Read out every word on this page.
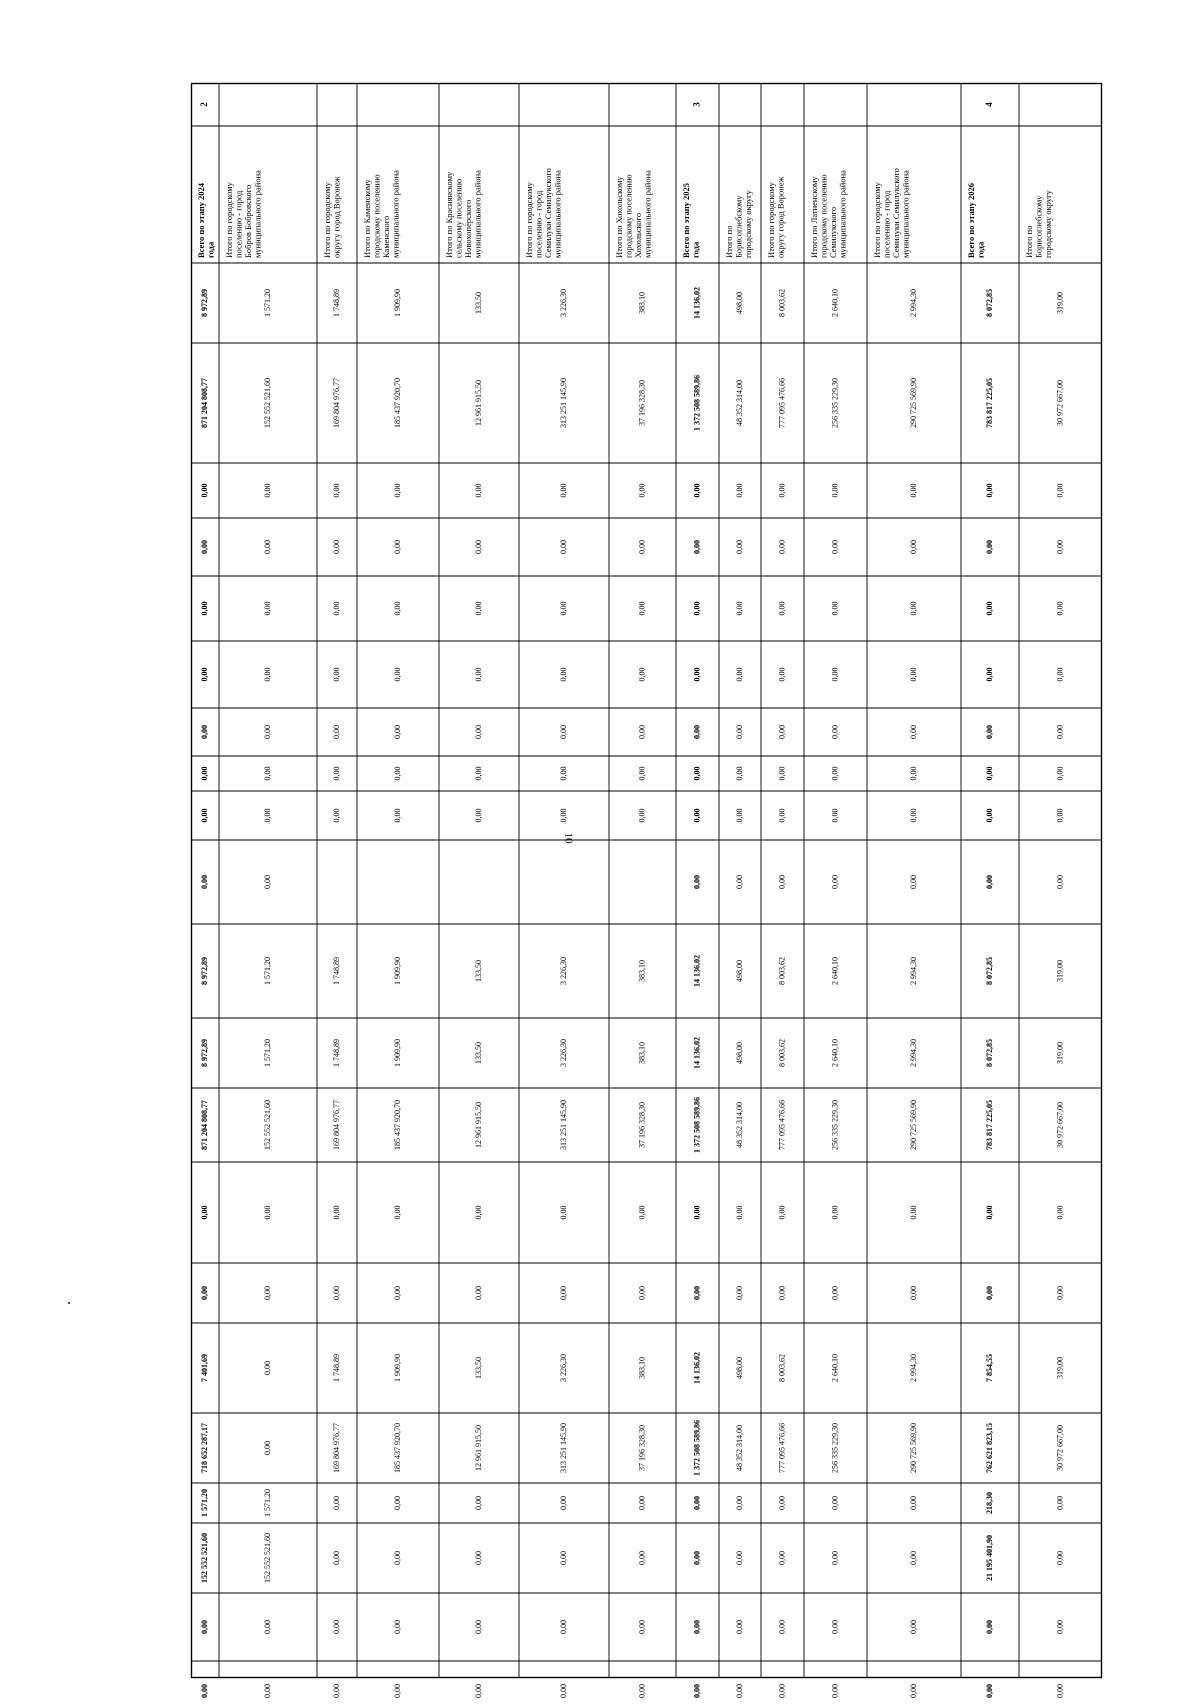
10
2
Всего по этапу 2024 года
8 972,89
871 204 808,77
0,00
0,00
0,00
0,00
0,00
0,00
0,00
0,00
8 972,89
8 972,89
871 204 808,77
0,00
0,00
7 401,69
718 652 287,17
1 571,20
152 552 521,60
0,00
0,00
Итого по городскому поселению - город Бобров Бобровского муниципального района
1 571,20
152 552 521,60
0,00
0,00
0,00
0,00
0,00
0,00
0,00
0,00
1 571,20
1 571,20
152 552 521,60
0,00
0,00
0,00
0,00
1 571,20
152 552 521,60
0,00
0,00
Итого по городскому округу город Воронеж
1 748,89
169 804 976,77
0,00
0,00
0,00
0,00
0,00
0,00
0,00
1 748,89
1 748,89
169 804 976,77
0,00
0,00
1 748,89
169 804 976,77
0,00
0,00
0,00
0,00
Итого по Каменскому городскому поселению Каменского муниципального района
1 909,90
185 437 920,70
0,00
0,00
0,00
0,00
0,00
0,00
0,00
1 909,90
1 909,90
185 437 920,70
0,00
0,00
1 909,90
185 437 920,70
0,00
0,00
0,00
0,00
Итого по Краснянскому сельскому поселению Новохопёрского муниципального района
133,50
12 961 915,50
0,00
0,00
0,00
0,00
0,00
0,00
0,00
133,50
133,50
12 961 915,50
0,00
0,00
133,50
12 961 915,50
0,00
0,00
0,00
0,00
Итого по городскому поселению - город Семилуки Семилукского муниципального района
3 226,30
313 251 145,90
0,00
0,00
0,00
0,00
0,00
0,00
0,00
3 226,30
3 226,30
313 251 145,90
0,00
0,00
3 226,30
313 251 145,90
0,00
0,00
0,00
0,00
Итого по Хохольскому городскому поселению Хохольского муниципального района
383,10
37 196 328,30
0,00
0,00
0,00
0,00
0,00
0,00
0,00
383,10
383,10
37 196 328,30
0,00
0,00
383,10
37 196 328,30
0,00
0,00
0,00
0,00
3
Всего по этапу 2025 года
14 136,02
1 372 508 589,86
0,00
0,00
0,00
0,00
0,00
0,00
0,00
0,00
14 136,02
14 136,02
1 372 508 589,86
0,00
0,00
14 136,02
1 372 508 589,86
0,00
0,00
0,00
0,00
Итого по Борисоглебскому городскому округу
498,00
48 352 314,00
0,00
0,00
0,00
0,00
0,00
0,00
0,00
0,00
498,00
498,00
48 352 314,00
0,00
0,00
498,00
48 352 314,00
0,00
0,00
0,00
0,00
Итого по городскому округу город Воронеж
8 003,62
777 095 476,66
0,00
0,00
0,00
0,00
0,00
0,00
0,00
0,00
8 003,62
8 003,62
777 095 476,66
0,00
0,00
8 003,62
777 095 476,66
0,00
0,00
0,00
0,00
Итого по Латненскому городскому поселению Семилукского муниципального района
2 640,10
256 335 229,30
0,00
0,00
0,00
0,00
0,00
0,00
0,00
0,00
2 640,10
2 640,10
256 335 229,30
0,00
0,00
2 640,10
256 335 229,30
0,00
0,00
0,00
0,00
Итого по городскому поселению - город Семилуки Семилукского муниципального района
2 994,30
290 725 569,90
0,00
0,00
0,00
0,00
0,00
0,00
0,00
0,00
2 994,30
2 994,30
290 725 569,90
0,00
0,00
2 994,30
290 725 569,90
0,00
0,00
0,00
0,00
4
Всего по этапу 2026 года
8 072,85
783 817 225,05
0,00
0,00
0,00
0,00
0,00
0,00
0,00
0,00
8 072,85
8 072,85
783 817 225,05
0,00
0,00
7 854,55
762 621 823,15
218,30
21 195 401,90
0,00
0,00
Итого по Борисоглебскому городскому округу
319,00
30 972 667,00
0,00
0,00
0,00
0,00
0,00
0,00
0,00
0,00
319,00
319,00
30 972 667,00
0,00
0,00
319,00
30 972 667,00
0,00
0,00
0,00
0,00
